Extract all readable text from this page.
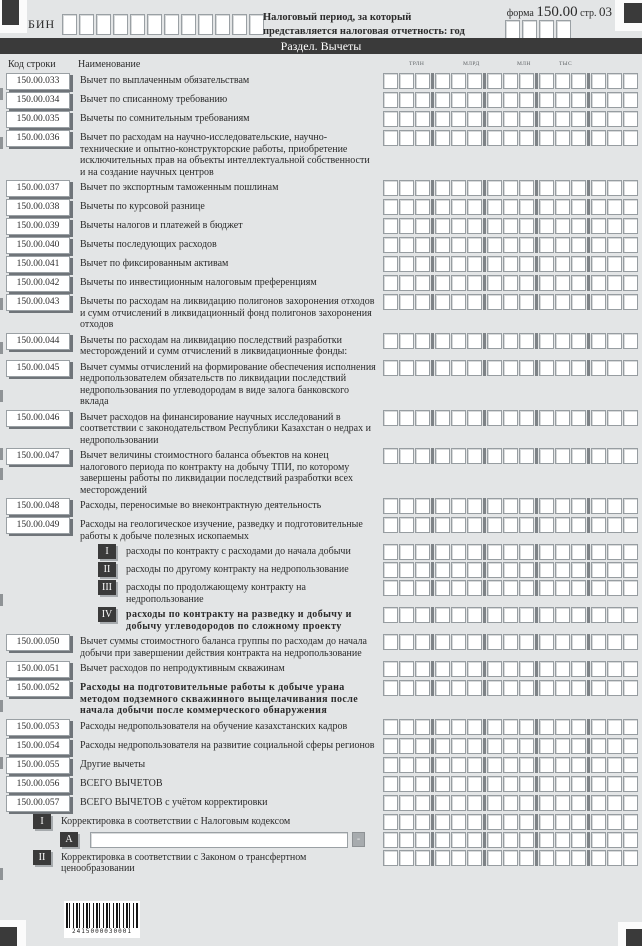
БИН	Налоговый период, за который представляется налоговая отчетность: год
форма 150.00 стр. 03
Раздел. Вычеты
Код строки	Наименование	ТРЛН	МЛРД	МЛН	ТЫС
150.00.033	Вычет по выплаченным обязательствам
150.00.034	Вычет по списанному требованию
150.00.035	Вычеты по сомнительным требованиям
150.00.036	Вычет по расходам на научно-исследовательские, научно-технические и опытно-конструкторские работы, приобретение исключительных прав на объекты интеллектуальной собственности и на создание научных центров
150.00.037	Вычет по экспортным таможенным пошлинам
150.00.038	Вычеты по курсовой разнице
150.00.039	Вычеты налогов и платежей в бюджет
150.00.040	Вычеты последующих расходов
150.00.041	Вычет по фиксированным активам
150.00.042	Вычеты по инвестиционным налоговым преференциям
150.00.043	Вычеты по расходам на ликвидацию полигонов захоронения отходов и сумм отчислений в ликвидационный фонд полигонов захоронения отходов
150.00.044	Вычеты по расходам на ликвидацию последствий разработки месторождений и сумм отчислений в ликвидационные фонды:
150.00.045	Вычет суммы отчислений на формирование обеспечения исполнения недропользователем обязательств по ликвидации последствий недропользования по углеводородам в виде залога банковского вклада
150.00.046	Вычет расходов на финансирование научных исследований в соответствии с законодательством Республики Казахстан о недрах и недропользовании
150.00.047	Вычет величины стоимостного баланса объектов на конец налогового периода по контракту на добычу ТПИ, по которому завершены работы по ликвидации последствий разработки всех месторождений
150.00.048	Расходы, переносимые во внеконтрактную деятельность
150.00.049	Расходы на геологическое изучение, разведку и подготовительные работы к добыче полезных ископаемых
I	расходы по контракту с расходами до начала добычи
II	расходы по другому контракту на недропользование
III	расходы по продолжающему контракту на недропользование
IV	расходы по контракту на разведку и добычу и добычу углеводородов по сложному проекту
150.00.050	Вычет суммы стоимостного баланса группы по расходам до начала добычи при завершении действия контракта на недропользование
150.00.051	Вычет расходов по непродуктивным скважинам
150.00.052	Расходы на подготовительные работы к добыче урана методом подземного скважинного выщелачивания после начала добычи после коммерческого обнаружения
150.00.053	Расходы недропользователя на обучение казахстанских кадров
150.00.054	Расходы недропользователя на развитие социальной сферы регионов
150.00.055	Другие вычеты
150.00.056	ВСЕГО ВЫЧЕТОВ
150.00.057	ВСЕГО ВЫЧЕТОВ с учётом корректировки
I	Корректировка в соответствии с Налоговым кодексом
А	-
II	Корректировка в соответствии с Законом о трансфертном ценообразовании
2415000030001
